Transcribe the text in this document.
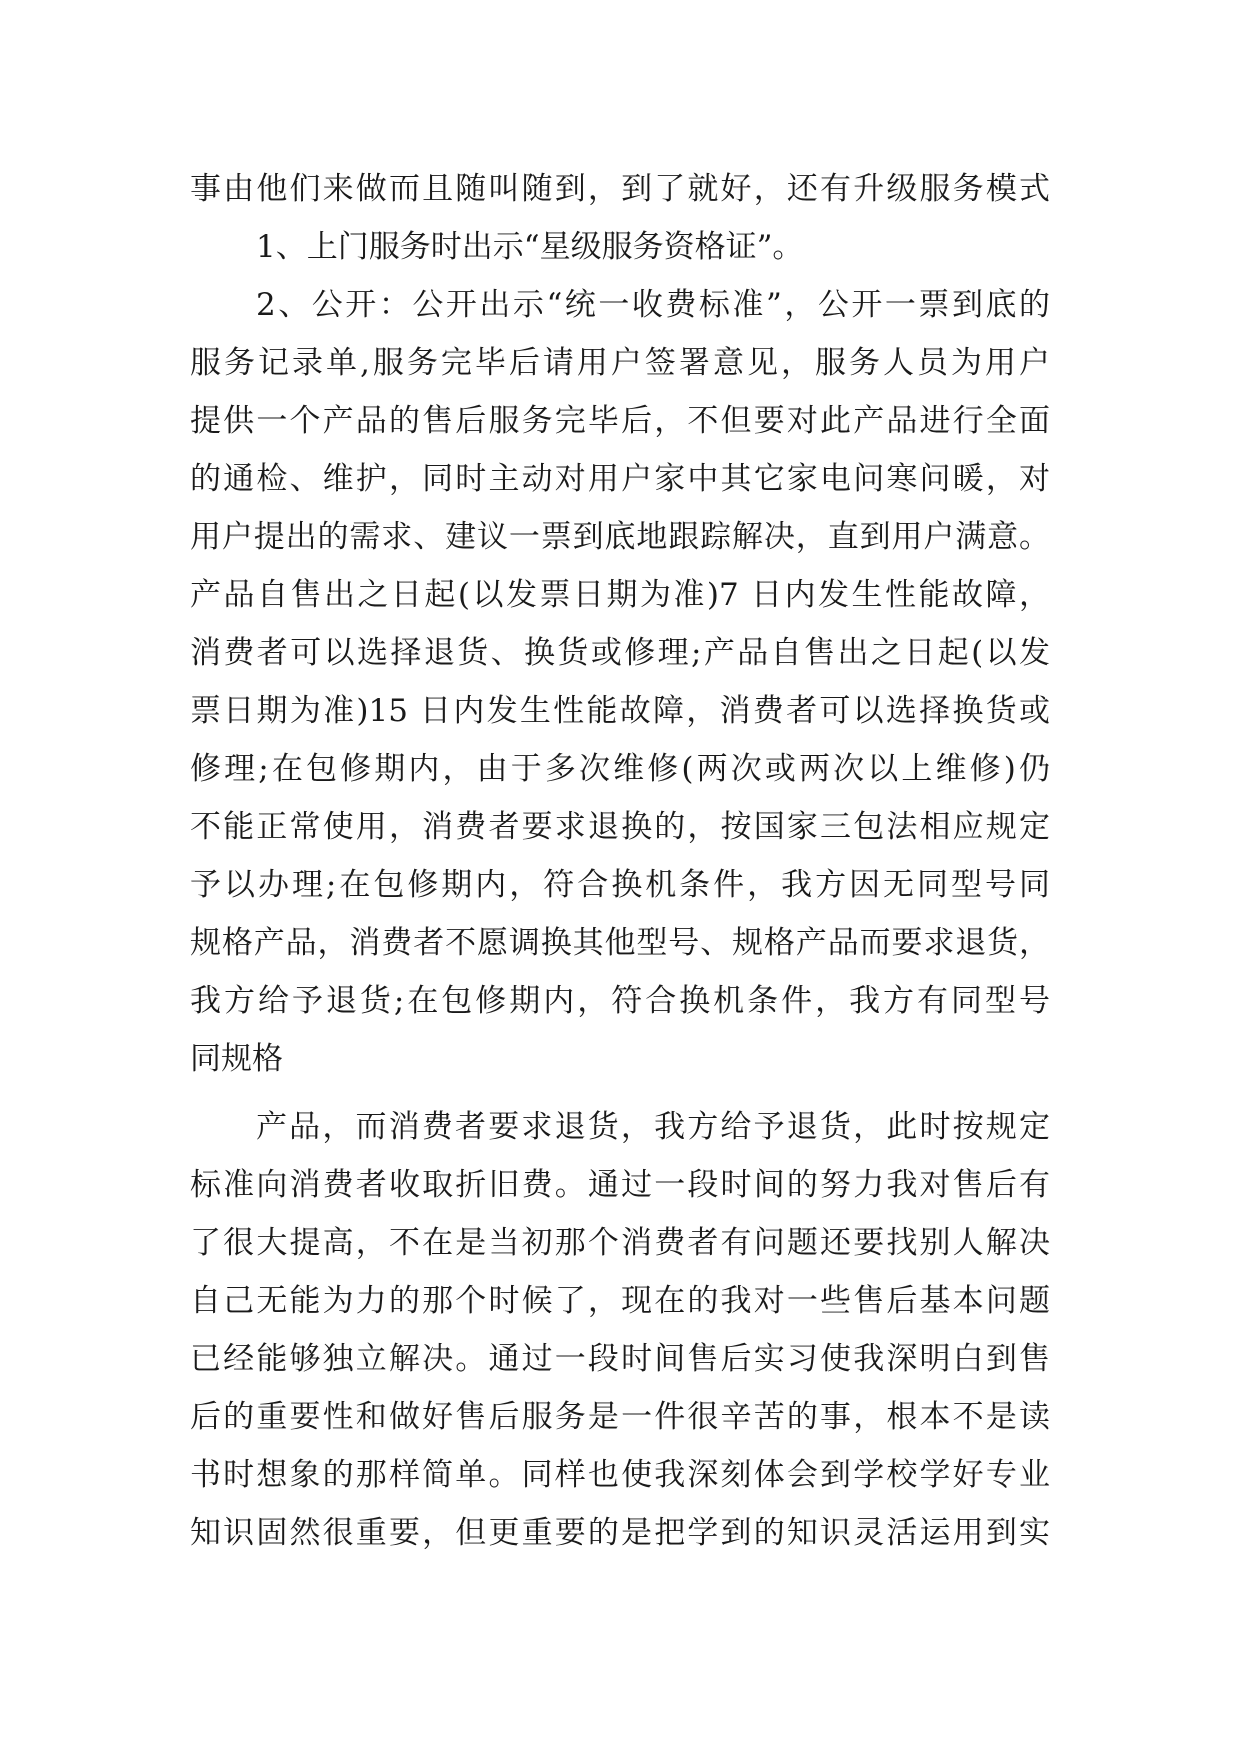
事由他们来做而且随叫随到，到了就好，还有升级服务模式
1、上门服务时出示“星级服务资格证”。
2、公开：公开出示“统一收费标准”，公开一票到底的
服务记录单,服务完毕后请用户签署意见，服务人员为用户
提供一个产品的售后服务完毕后，不但要对此产品进行全面
的通检、维护，同时主动对用户家中其它家电问寒问暖，对
用户提出的需求、建议一票到底地跟踪解决，直到用户满意。
产品自售出之日起(以发票日期为准)7 日内发生性能故障，
消费者可以选择退货、换货或修理;产品自售出之日起(以发
票日期为准)15 日内发生性能故障，消费者可以选择换货或
修理;在包修期内，由于多次维修(两次或两次以上维修)仍
不能正常使用，消费者要求退换的，按国家三包法相应规定
予以办理;在包修期内，符合换机条件，我方因无同型号同
规格产品，消费者不愿调换其他型号、规格产品而要求退货，
我方给予退货;在包修期内，符合换机条件，我方有同型号
同规格
产品，而消费者要求退货，我方给予退货，此时按规定
标准向消费者收取折旧费。通过一段时间的努力我对售后有
了很大提高，不在是当初那个消费者有问题还要找别人解决
自己无能为力的那个时候了，现在的我对一些售后基本问题
已经能够独立解决。通过一段时间售后实习使我深明白到售
后的重要性和做好售后服务是一件很辛苦的事，根本不是读
书时想象的那样简单。同样也使我深刻体会到学校学好专业
知识固然很重要，但更重要的是把学到的知识灵活运用到实
